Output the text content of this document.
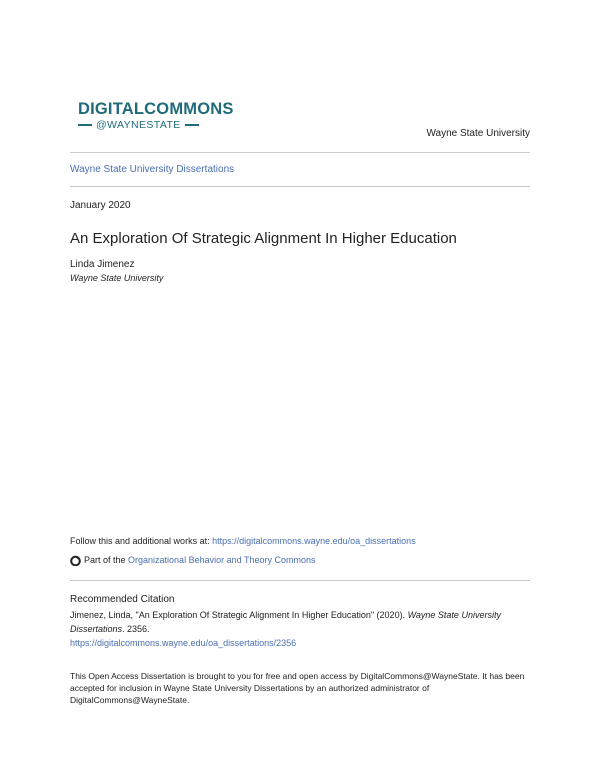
DIGITALCOMMONS
@WAYNESTATE
Wayne State University
Wayne State University Dissertations
January 2020
An Exploration Of Strategic Alignment In Higher Education
Linda Jimenez
Wayne State University
Follow this and additional works at: https://digitalcommons.wayne.edu/oa_dissertations
Part of the Organizational Behavior and Theory Commons
Recommended Citation
Jimenez, Linda, "An Exploration Of Strategic Alignment In Higher Education" (2020). Wayne State University Dissertations. 2356.
https://digitalcommons.wayne.edu/oa_dissertations/2356
This Open Access Dissertation is brought to you for free and open access by DigitalCommons@WayneState. It has been accepted for inclusion in Wayne State University Dissertations by an authorized administrator of DigitalCommons@WayneState.
